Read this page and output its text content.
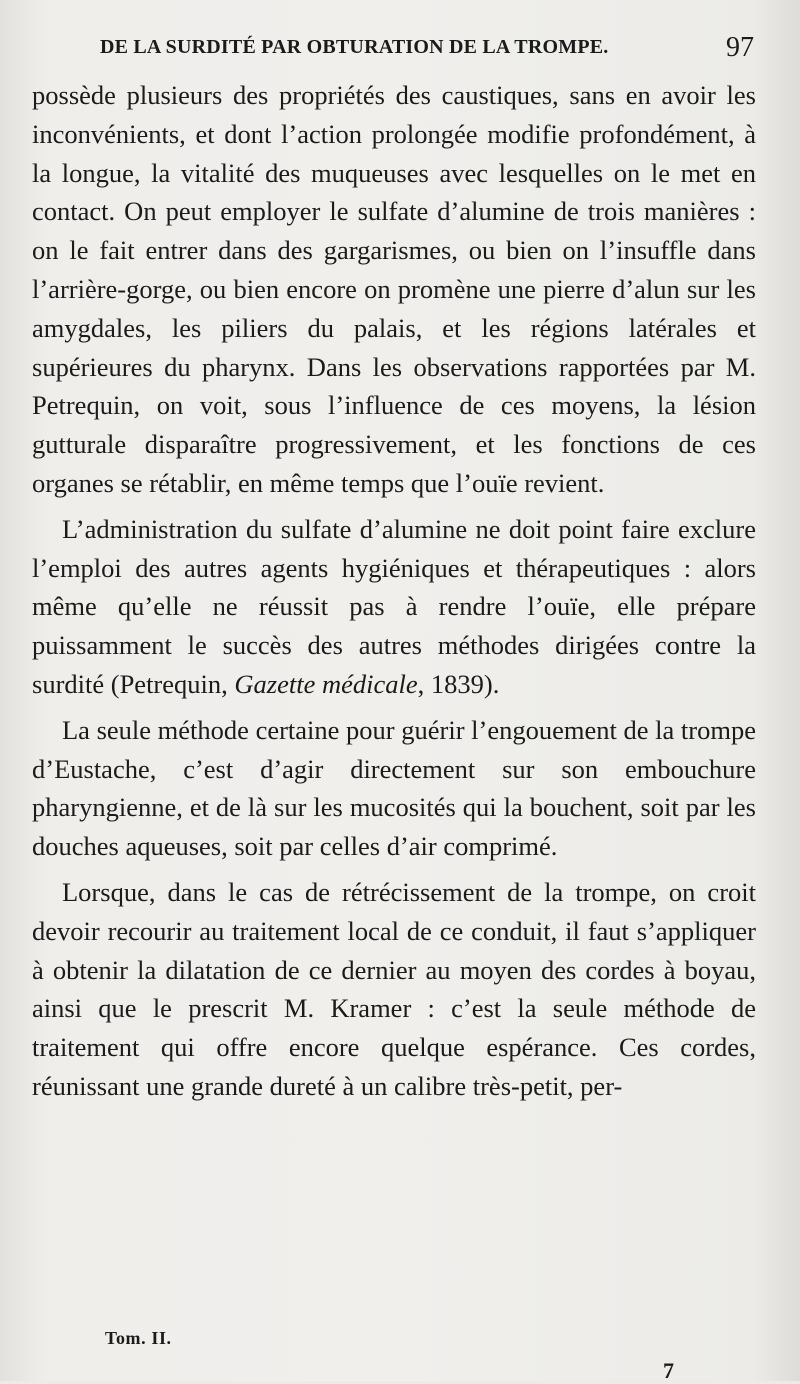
DE LA SURDITÉ PAR OBTURATION DE LA TROMPE.	97

possède plusieurs des propriétés des caustiques, sans en avoir les inconvénients, et dont l’action prolongée modifie profondément, à la longue, la vitalité des muqueuses avec lesquelles on le met en contact. On peut employer le sulfate d’alumine de trois manières : on le fait entrer dans des gargarismes, ou bien on l’insuffle dans l’arrière-gorge, ou bien encore on promène une pierre d’alun sur les amygdales, les piliers du palais, et les régions latérales et supérieures du pharynx. Dans les observations rapportées par M. Petrequin, on voit, sous l’influence de ces moyens, la lésion gutturale disparaître progressivement, et les fonctions de ces organes se rétablir, en même temps que l’ouïe revient.

L’administration du sulfate d’alumine ne doit point faire exclure l’emploi des autres agents hygiéniques et thérapeutiques : alors même qu’elle ne réussit pas à rendre l’ouïe, elle prépare puissamment le succès des autres méthodes dirigées contre la surdité (Petrequin, Gazette médicale, 1839).

La seule méthode certaine pour guérir l’engouement de la trompe d’Eustache, c’est d’agir directement sur son embouchure pharyngienne, et de là sur les mucosités qui la bouchent, soit par les douches aqueuses, soit par celles d’air comprimé.

Lorsque, dans le cas de rétrécissement de la trompe, on croit devoir recourir au traitement local de ce conduit, il faut s’appliquer à obtenir la dilatation de ce dernier au moyen des cordes à boyau, ainsi que le prescrit M. Kramer : c’est la seule méthode de traitement qui offre encore quelque espérance. Ces cordes, réunissant une grande dureté à un calibre très-petit, per-

Tom. II.
7
